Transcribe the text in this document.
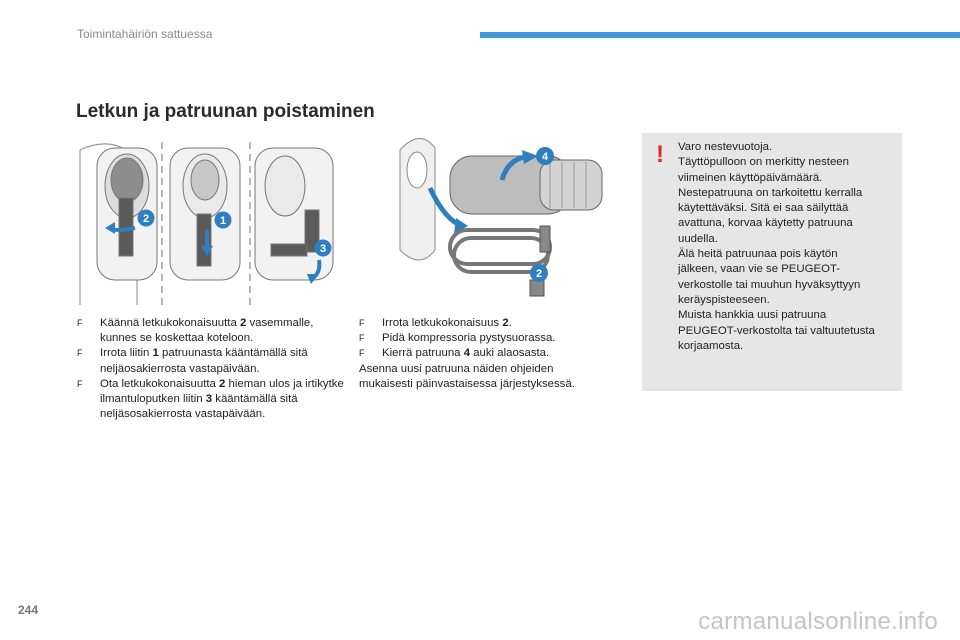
Toimintahäiriön sattuessa
Letkun ja patruunan poistaminen
2	1
3
4
2
F Käännä letkukokonaisuutta 2 vasemmalle, kunnes se koskettaa koteloon.
F Irrota liitin 1 patruunasta kääntämällä sitä neljäosakierrosta vastapäivään.
F Ota letkukokonaisuutta 2 hieman ulos ja irtikytke ilmantuloputken liitin 3 kääntämällä sitä neljäsosakierrosta vastapäivään.
F Irrota letkukokonaisuus 2.
F Pidä kompressoria pystysuorassa.
F Kierrä patruuna 4 auki alaosasta.

Asenna uusi patruuna näiden ohjeiden mukaisesti päinvastaisessa järjestyksessä.

! Varo nestevuotoja.
Täyttöpulloon on merkitty nesteen
viimeinen käyttöpäivämäärä.
Nestepatruuna on tarkoitettu kerralla
käytettäväksi. Sitä ei saa säilyttää
avattuna, korvaa käytetty patruuna
uudella.
Älä heitä patruunaa pois käytön
jälkeen, vaan vie se PEUGEOT-
verkostolle tai muuhun hyväksyttyyn
keräyspisteeseen.
Muista hankkia uusi patruuna
PEUGEOT-verkostolta tai valtuutetusta
korjaamosta.
244	carmanualsonline.info
